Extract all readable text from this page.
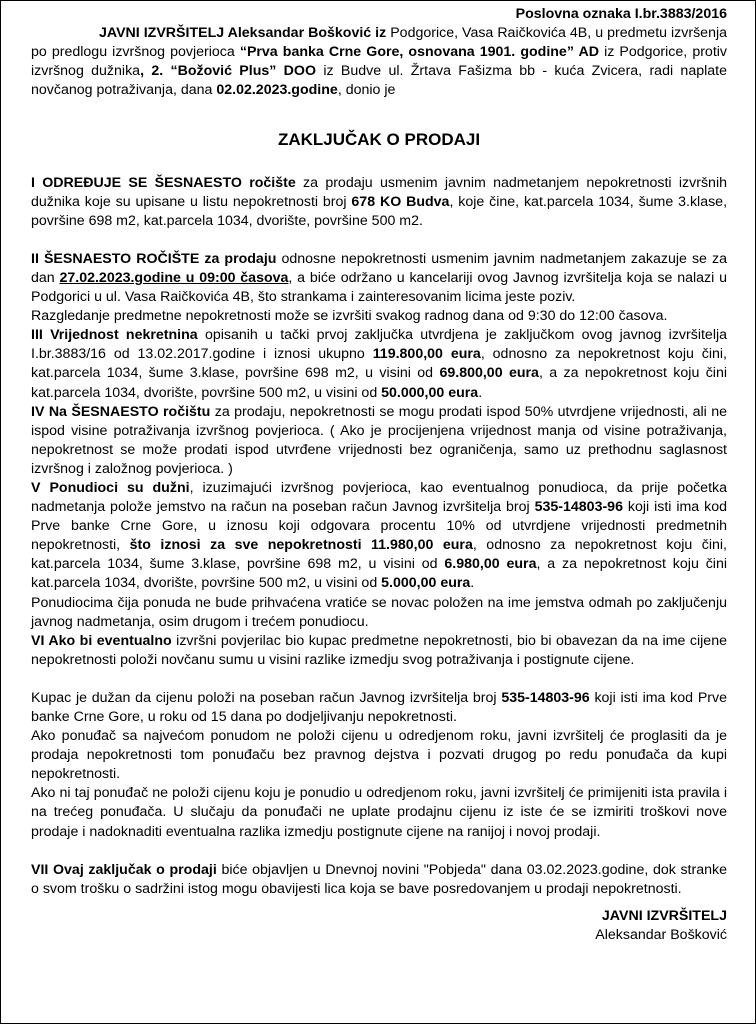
Poslovna oznaka I.br.3883/2016

JAVNI IZVRŠITELJ Aleksandar Bošković iz Podgorice, Vasa Raičkovića 4B, u predmetu izvršenja po predlogu izvršnog povjerioca “Prva banka Crne Gore, osnovana 1901. godine” AD iz Podgorice, protiv izvršnog dužnika, 2. “Božović Plus” DOO iz Budve ul. Žrtava Fašizma bb - kuća Zvicera, radi naplate novčanog potraživanja, dana 02.02.2023.godine, donio je

ZAKLJUČAK O PRODAJI

I ODREĐUJE SE ŠESNAESTO ročište za prodaju usmenim javnim nadmetanjem nepokretnosti izvršnih dužnika koje su upisane u listu nepokretnosti broj 678 KO Budva, koje čine, kat.parcela 1034, šume 3.klase, površine 698 m2, kat.parcela 1034, dvorište, površine 500 m2.

II ŠESNAESTO ROČIŠTE za prodaju odnosne nepokretnosti usmenim javnim nadmetanjem zakazuje se za dan 27.02.2023.godine u 09:00 časova, a biće održano u kancelariji ovog Javnog izvršitelja koja se nalazi u Podgorici u ul. Vasa Raičkovića 4B, što strankama i zainteresovanim licima jeste poziv.

Razgledanje predmetne nepokretnosti može se izvršiti svakog radnog dana od 9:30 do 12:00 časova.

III Vrijednost nekretnina opisanih u tački prvoj zaključka utvrdjena je zaključkom ovog javnog izvršitelja I.br.3883/16 od 13.02.2017.godine i iznosi ukupno 119.800,00 eura, odnosno za nepokretnost koju čini, kat.parcela 1034, šume 3.klase, površine 698 m2, u visini od 69.800,00 eura, a za nepokretnost koju čini kat.parcela 1034, dvorište, površine 500 m2, u visini od 50.000,00 eura.

IV Na ŠESNAESTO ročištu za prodaju, nepokretnosti se mogu prodati ispod 50% utvrdjene vrijednosti, ali ne ispod visine potraživanja izvršnog povjerioca. ( Ako je procijenjena vrijednost manja od visine potraživanja, nepokretnost se može prodati ispod utvrđene vrijednosti bez ograničenja, samo uz prethodnu saglasnost izvršnog i založnog povjerioca. )

V Ponudioci su dužni, izuzimajući izvršnog povjerioca, kao eventualnog ponudioca, da prije početka nadmetanja polože jemstvo na račun na poseban račun Javnog izvršitelja broj 535-14803-96 koji isti ima kod Prve banke Crne Gore, u iznosu koji odgovara procentu 10% od utvrdjene vrijednosti predmetnih nepokretnosti, što iznosi za sve nepokretnosti 11.980,00 eura, odnosno za nepokretnost koju čini, kat.parcela 1034, šume 3.klase, površine 698 m2, u visini od 6.980,00 eura, a za nepokretnost koju čini kat.parcela 1034, dvorište, površine 500 m2, u visini od 5.000,00 eura.

Ponudiocima čija ponuda ne bude prihvaćena vratiće se novac položen na ime jemstva odmah po zaključenju javnog nadmetanja, osim drugom i trećem ponudiocu.

VI Ako bi eventualno izvršni povjerilac bio kupac predmetne nepokretnosti, bio bi obavezan da na ime cijene nepokretnosti položi novčanu sumu u visini razlike izmedju svog potraživanja i postignute cijene.

Kupac je dužan da cijenu položi na poseban račun Javnog izvršitelja broj 535-14803-96 koji isti ima kod Prve banke Crne Gore, u roku od 15 dana po dodjeljivanju nepokretnosti.

Ako ponuđač sa najvećom ponudom ne položi cijenu u odredjenom roku, javni izvršitelj će proglasiti da je prodaja nepokretnosti tom ponuđaču bez pravnog dejstva i pozvati drugog po redu ponuđača da kupi nepokretnosti.

Ako ni taj ponuđač ne položi cijenu koju je ponudio u odredjenom roku, javni izvršitelj će primijeniti ista pravila i na trećeg ponuđača. U slučaju da ponuđači ne uplate prodajnu cijenu iz iste će se izmiriti troškovi nove prodaje i nadoknaditi eventualna razlika izmedju postignute cijene na ranijoj i novoj prodaji.

VII Ovaj zaključak o prodaji biće objavljen u Dnevnoj novini "Pobjeda" dana 03.02.2023.godine, dok stranke o svom trošku o sadržini istog mogu obavijesti lica koja se bave posredovanjem u prodaji nepokretnosti.

JAVNI IZVRŠITELJ

Aleksandar Bošković
